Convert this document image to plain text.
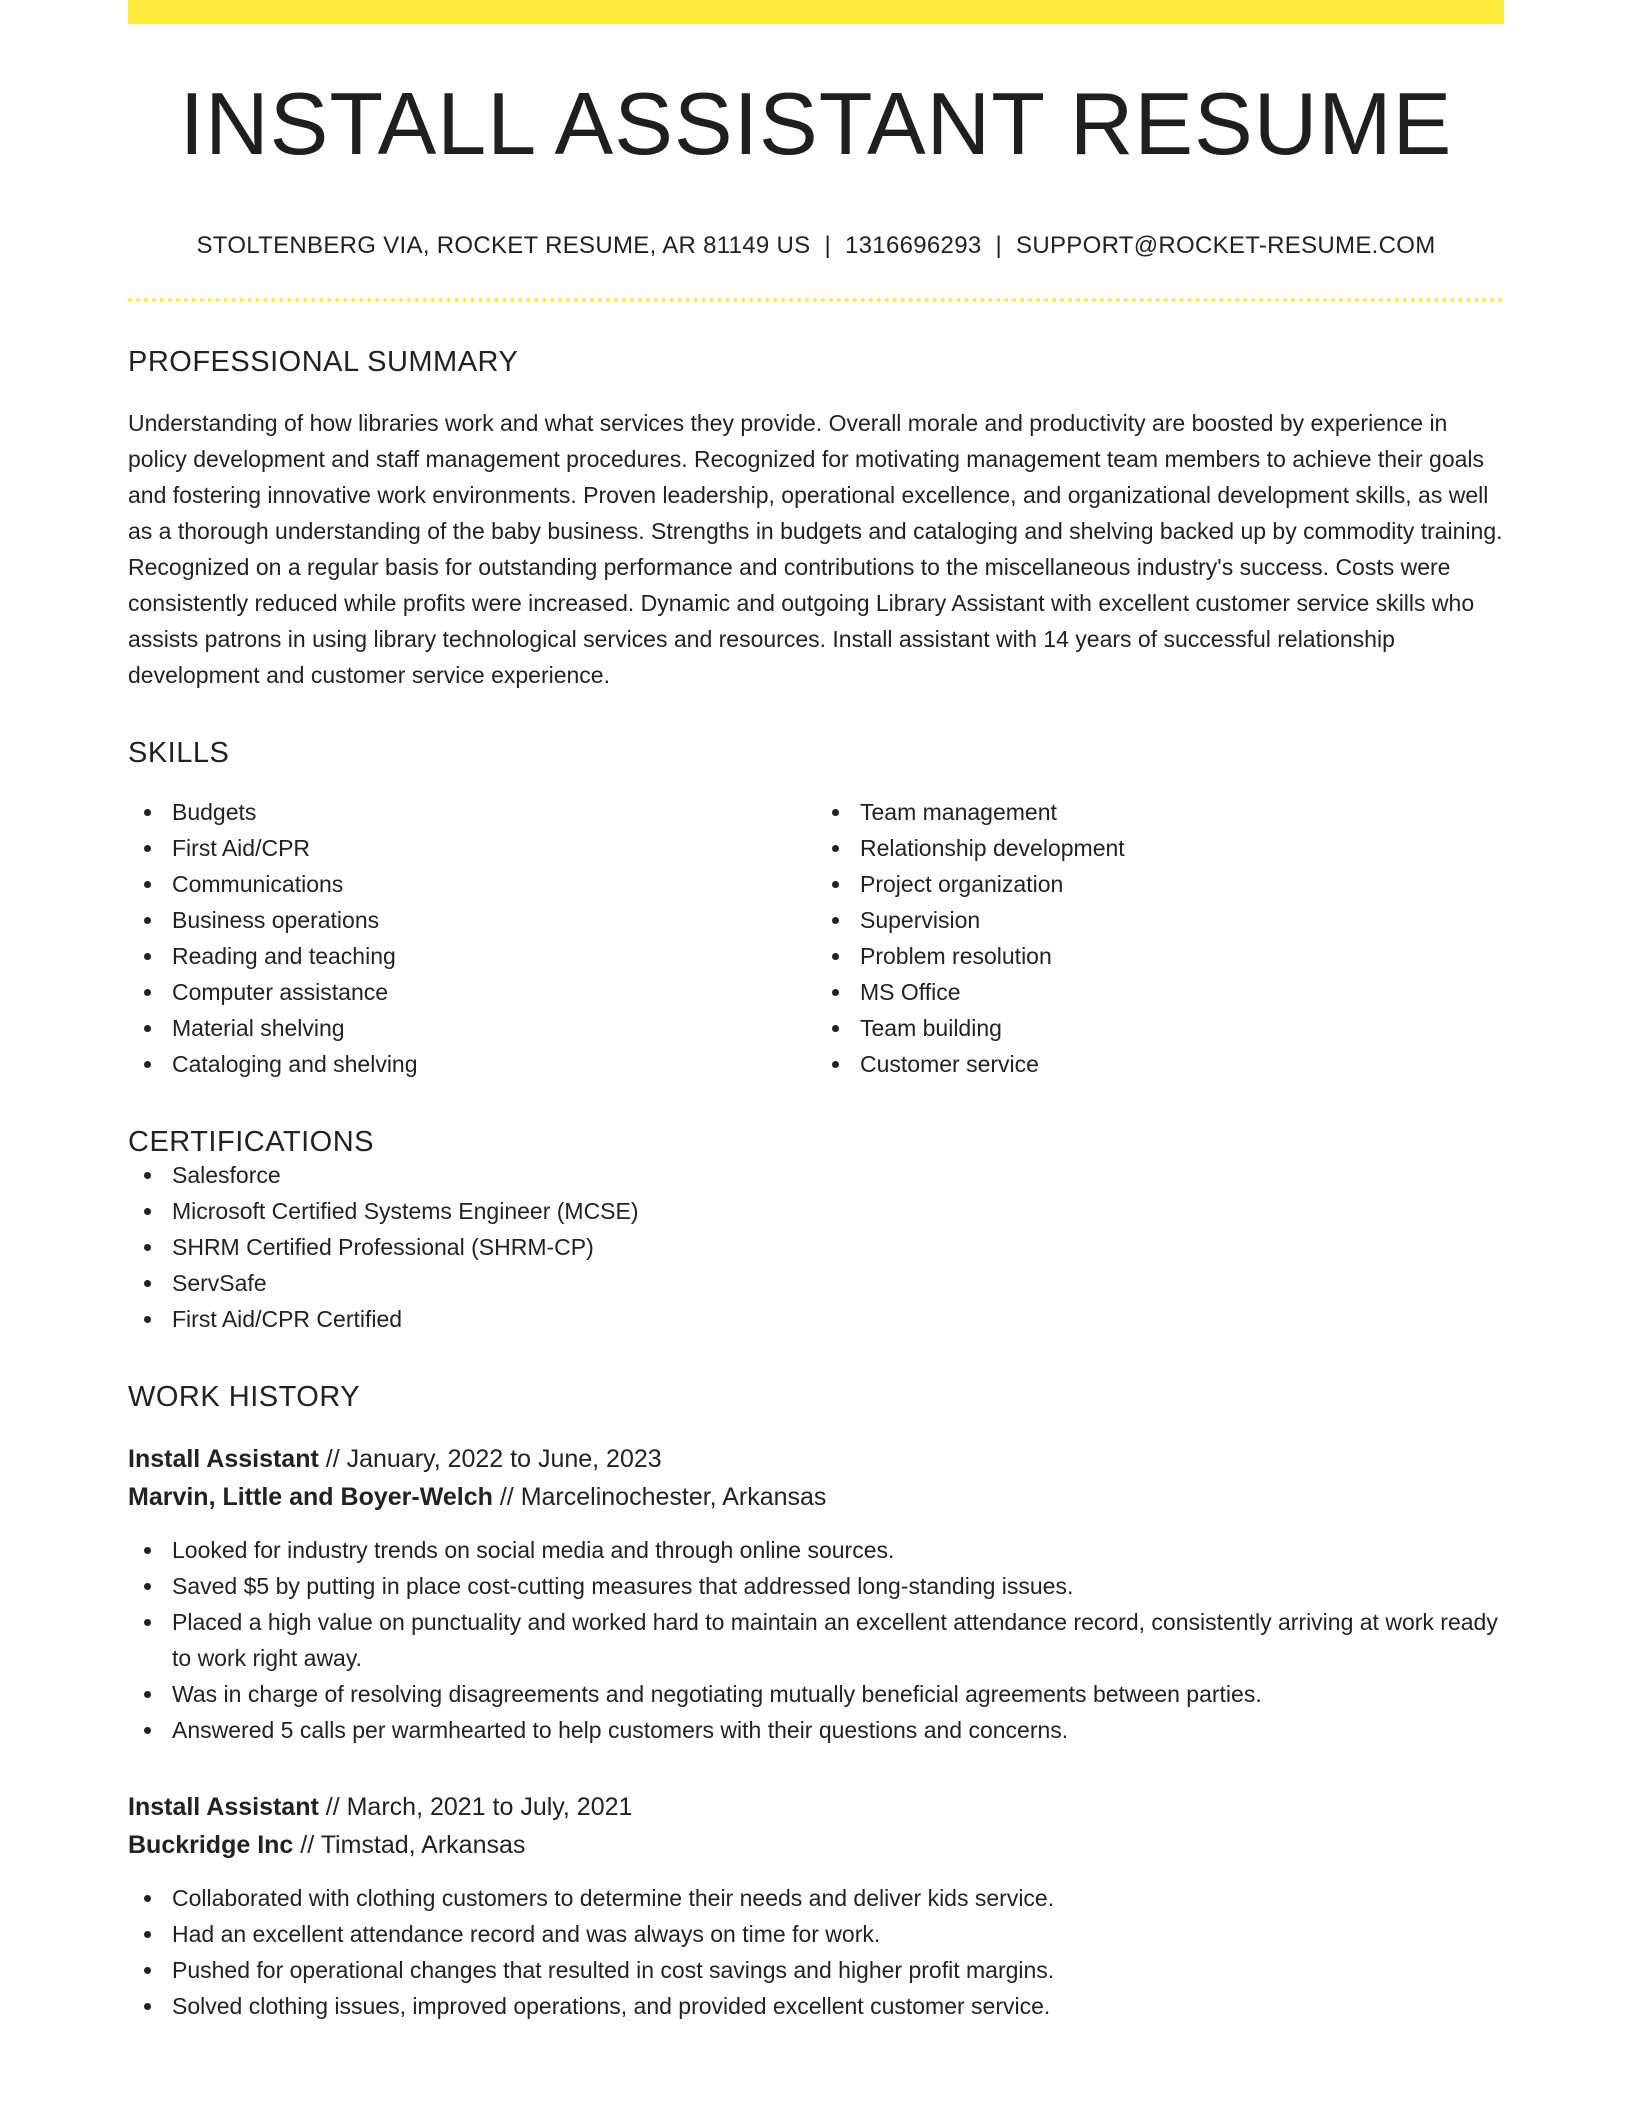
INSTALL ASSISTANT RESUME
STOLTENBERG VIA, ROCKET RESUME, AR 81149 US | 1316696293 | SUPPORT@ROCKET-RESUME.COM
PROFESSIONAL SUMMARY

Understanding of how libraries work and what services they provide. Overall morale and productivity are boosted by experience in policy development and staff management procedures. Recognized for motivating management team members to achieve their goals and fostering innovative work environments. Proven leadership, operational excellence, and organizational development skills, as well as a thorough understanding of the baby business. Strengths in budgets and cataloging and shelving backed up by commodity training. Recognized on a regular basis for outstanding performance and contributions to the miscellaneous industry's success. Costs were consistently reduced while profits were increased. Dynamic and outgoing Library Assistant with excellent customer service skills who assists patrons in using library technological services and resources. Install assistant with 14 years of successful relationship development and customer service experience.

SKILLS
Budgets
First Aid/CPR
Communications
Business operations
Reading and teaching
Computer assistance
Material shelving
Cataloging and shelving
Team management
Relationship development
Project organization
Supervision
Problem resolution
MS Office
Team building
Customer service
CERTIFICATIONS
Salesforce
Microsoft Certified Systems Engineer (MCSE)
SHRM Certified Professional (SHRM-CP)
ServSafe
First Aid/CPR Certified
WORK HISTORY
Install Assistant // January, 2022 to June, 2023
Marvin, Little and Boyer-Welch // Marcelinochester, Arkansas
Looked for industry trends on social media and through online sources.
Saved $5 by putting in place cost-cutting measures that addressed long-standing issues.
Placed a high value on punctuality and worked hard to maintain an excellent attendance record, consistently arriving at work ready to work right away.
Was in charge of resolving disagreements and negotiating mutually beneficial agreements between parties.
Answered 5 calls per warmhearted to help customers with their questions and concerns.
Install Assistant // March, 2021 to July, 2021
Buckridge Inc // Timstad, Arkansas
Collaborated with clothing customers to determine their needs and deliver kids service.
Had an excellent attendance record and was always on time for work.
Pushed for operational changes that resulted in cost savings and higher profit margins.
Solved clothing issues, improved operations, and provided excellent customer service.
